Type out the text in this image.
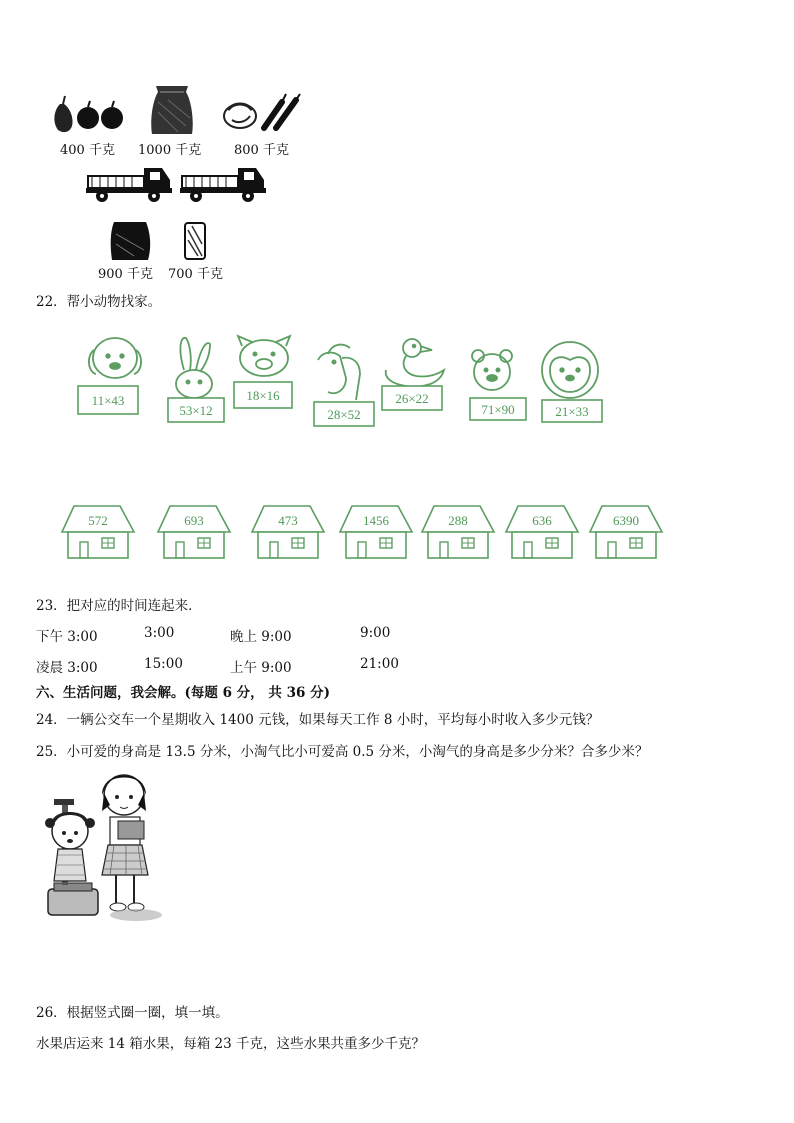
400 千克 1000 千克	800 千克
900 千克 700 千克
22．帮小动物找家。
11×43
53×12
18×16
28×52
26×22
71×90	21×33
572	693	473	1456	288	636	6390
23．把对应的时间连起来．
下午 3:00	3:00	晚上 9:00	9:00
凌晨 3:00	15:00	上午 9:00	21:00
六、生活问题，我会解。(每题 6 分， 共 36 分)
24．一辆公交车一个星期收入 1400 元钱，如果每天工作 8 小时，平均每小时收入多少元钱？
25．小可爱的身高是 13.5 分米，小淘气比小可爱高 0.5 分米，小淘气的身高是多少分米？合多少米？
26．根据竖式圈一圈，填一填。
水果店运来 14 箱水果，每箱 23 千克，这些水果共重多少千克？
